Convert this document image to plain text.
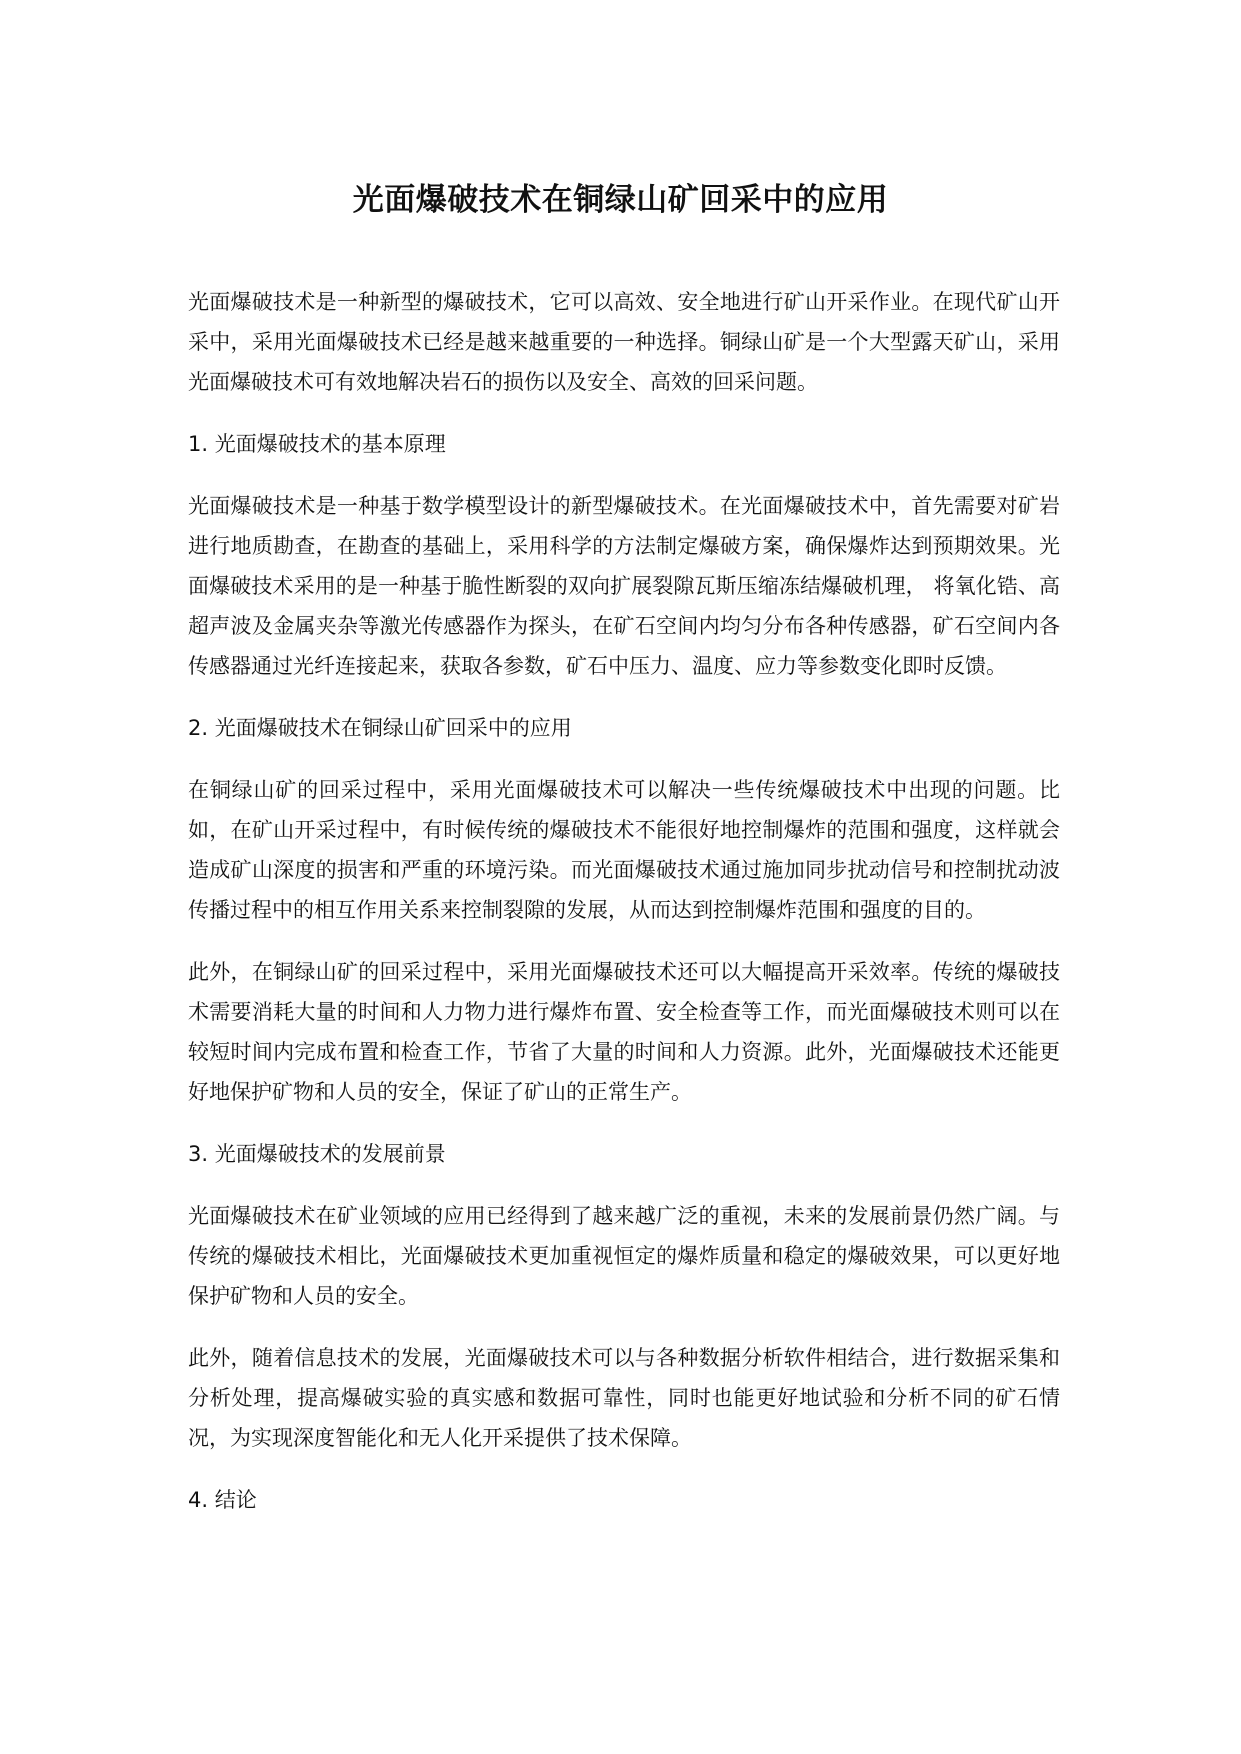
光面爆破技术在铜绿山矿回采中的应用

光面爆破技术是一种新型的爆破技术，它可以高效、安全地进行矿山开采作业。在现代矿山开采中，采用光面爆破技术已经是越来越重要的一种选择。铜绿山矿是一个大型露天矿山，采用光面爆破技术可有效地解决岩石的损伤以及安全、高效的回采问题。

1. 光面爆破技术的基本原理

光面爆破技术是一种基于数学模型设计的新型爆破技术。在光面爆破技术中，首先需要对矿岩进行地质勘查，在勘查的基础上，采用科学的方法制定爆破方案，确保爆炸达到预期效果。光面爆破技术采用的是一种基于脆性断裂的双向扩展裂隙瓦斯压缩冻结爆破机理， 将氧化锆、高超声波及金属夹杂等激光传感器作为探头，在矿石空间内均匀分布各种传感器，矿石空间内各传感器通过光纤连接起来，获取各参数，矿石中压力、温度、应力等参数变化即时反馈。

2. 光面爆破技术在铜绿山矿回采中的应用

在铜绿山矿的回采过程中，采用光面爆破技术可以解决一些传统爆破技术中出现的问题。比如，在矿山开采过程中，有时候传统的爆破技术不能很好地控制爆炸的范围和强度，这样就会造成矿山深度的损害和严重的环境污染。而光面爆破技术通过施加同步扰动信号和控制扰动波传播过程中的相互作用关系来控制裂隙的发展，从而达到控制爆炸范围和强度的目的。

此外，在铜绿山矿的回采过程中，采用光面爆破技术还可以大幅提高开采效率。传统的爆破技术需要消耗大量的时间和人力物力进行爆炸布置、安全检查等工作，而光面爆破技术则可以在较短时间内完成布置和检查工作，节省了大量的时间和人力资源。此外，光面爆破技术还能更好地保护矿物和人员的安全，保证了矿山的正常生产。

3. 光面爆破技术的发展前景

光面爆破技术在矿业领域的应用已经得到了越来越广泛的重视，未来的发展前景仍然广阔。与传统的爆破技术相比，光面爆破技术更加重视恒定的爆炸质量和稳定的爆破效果，可以更好地保护矿物和人员的安全。

此外，随着信息技术的发展，光面爆破技术可以与各种数据分析软件相结合，进行数据采集和分析处理，提高爆破实验的真实感和数据可靠性，同时也能更好地试验和分析不同的矿石情况，为实现深度智能化和无人化开采提供了技术保障。

4. 结论
